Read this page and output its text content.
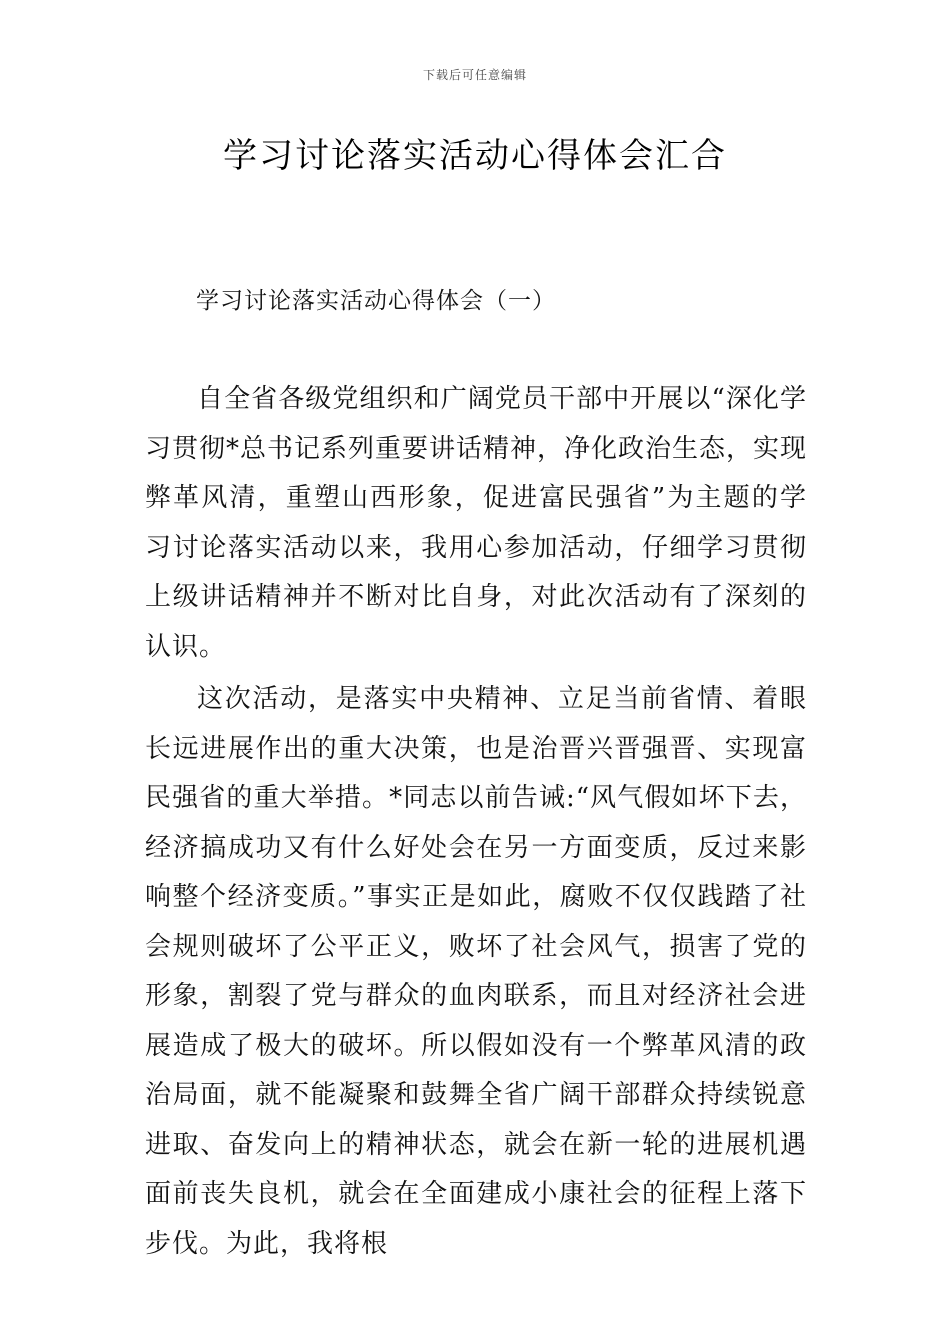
下载后可任意编辑
学习讨论落实活动心得体会汇合
学习讨论落实活动心得体会（一）

自全省各级党组织和广阔党员干部中开展以“深化学习贯彻*总书记系列重要讲话精神，净化政治生态，实现弊革风清，重塑山西形象，促进富民强省”为主题的学习讨论落实活动以来，我用心参加活动，仔细学习贯彻上级讲话精神并不断对比自身，对此次活动有了深刻的认识。

这次活动，是落实中央精神、立足当前省情、着眼长远进展作出的重大决策，也是治晋兴晋强晋、实现富民强省的重大举措。*同志以前告诫:“风气假如坏下去，经济搞成功又有什么好处会在另一方面变质，反过来影响整个经济变质。”事实正是如此，腐败不仅仅践踏了社会规则破坏了公平正义，败坏了社会风气，损害了党的形象，割裂了党与群众的血肉联系，而且对经济社会进展造成了极大的破坏。所以假如没有一个弊革风清的政治局面，就不能凝聚和鼓舞全省广阔干部群众持续锐意进取、奋发向上的精神状态，就会在新一轮的进展机遇面前丧失良机，就会在全面建成小康社会的征程上落下步伐。为此，我将根
